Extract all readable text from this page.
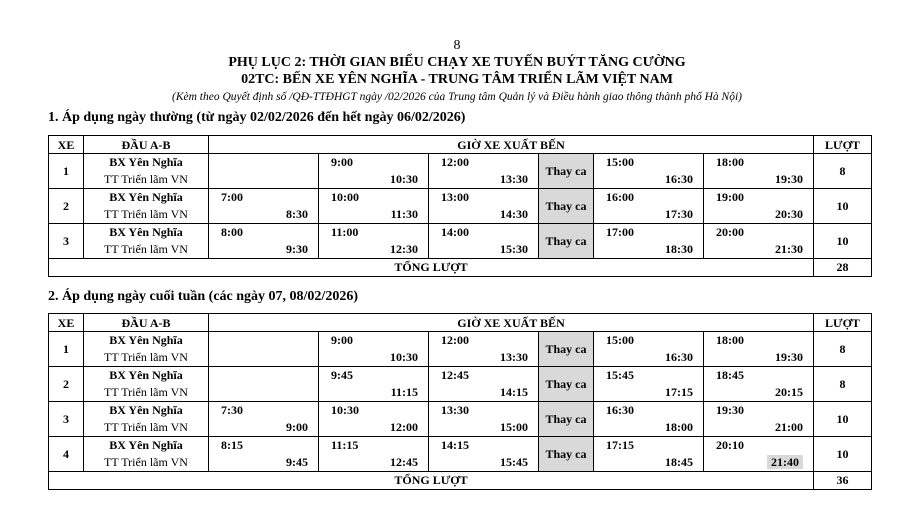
8
PHỤ LỤC 2: THỜI GIAN BIỂU CHẠY XE TUYẾN BUÝT TĂNG CƯỜNG
02TC: BẾN XE YÊN NGHĨA - TRUNG TÂM TRIỂN LÃM VIỆT NAM
(Kèm theo Quyết định số /QĐ-TTĐHGT ngày /02/2026 của Trung tâm Quản lý và Điều hành giao thông thành phố Hà Nội)
1. Áp dụng ngày thường (từ ngày 02/02/2026 đến hết ngày 06/02/2026)
XE	ĐẦU A-B	GIỜ XE XUẤT BẾN						LƯỢT
1	BX Yên Nghĩa		9:00	12:00	Thay ca	15:00	18:00	8
	TT Triển lãm VN		10:30	13:30		16:30	19:30	
2	BX Yên Nghĩa	7:00	10:00	13:00	Thay ca	16:00	19:00	10
	TT Triển lãm VN	8:30	11:30	14:30		17:30	20:30	
3	BX Yên Nghĩa	8:00	11:00	14:00	Thay ca	17:00	20:00	10
	TT Triển lãm VN	9:30	12:30	15:30		18:30	21:30	
TỔNG LƯỢT								28
2. Áp dụng ngày cuối tuần (các ngày 07, 08/02/2026)
XE	ĐẦU A-B	GIỜ XE XUẤT BẾN						LƯỢT
1	BX Yên Nghĩa		9:00	12:00	Thay ca	15:00	18:00	8
	TT Triển lãm VN		10:30	13:30		16:30	19:30	
2	BX Yên Nghĩa		9:45	12:45	Thay ca	15:45	18:45	8
	TT Triển lãm VN		11:15	14:15		17:15	20:15	
3	BX Yên Nghĩa	7:30	10:30	13:30	Thay ca	16:30	19:30	10
	TT Triển lãm VN	9:00	12:00	15:00		18:00	21:00	
4	BX Yên Nghĩa	8:15	11:15	14:15	Thay ca	17:15	20:10	10
	TT Triển lãm VN	9:45	12:45	15:45		18:45	21:40	
TỔNG LƯỢT								36
